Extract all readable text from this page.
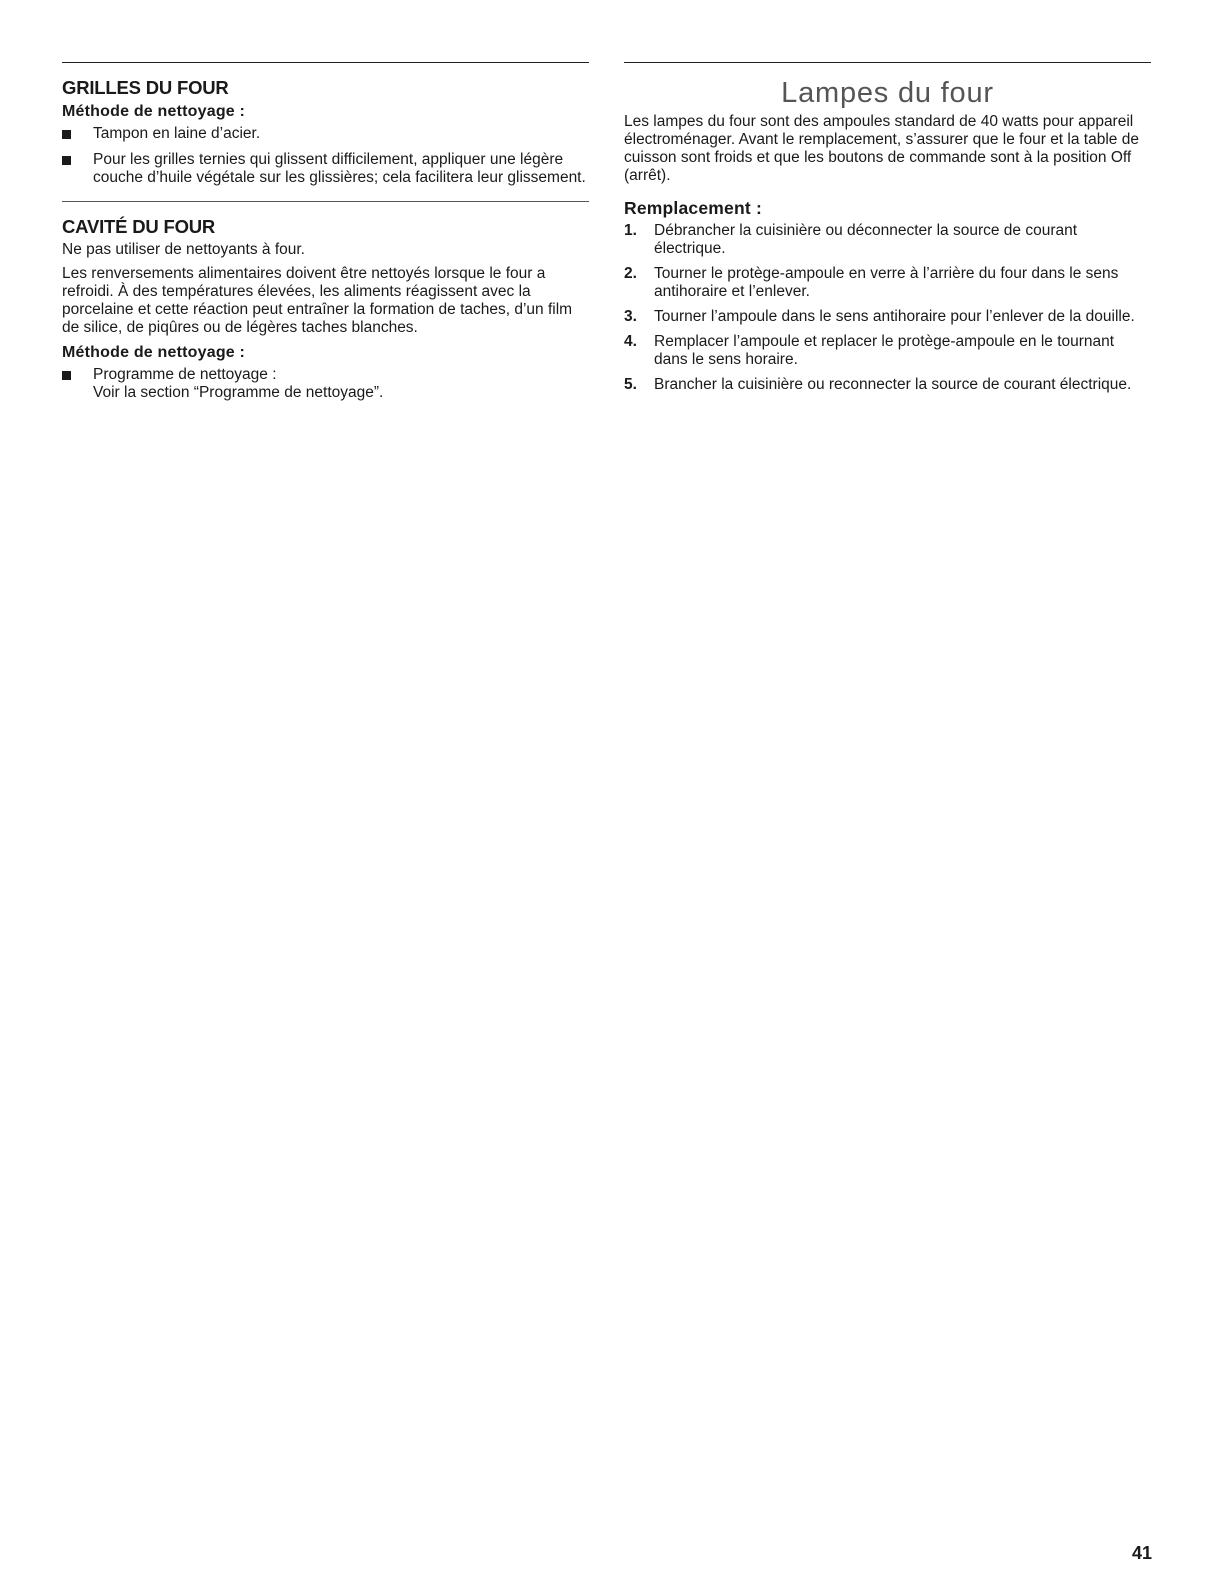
GRILLES DU FOUR
Méthode de nettoyage :
Tampon en laine d’acier.
Pour les grilles ternies qui glissent difficilement, appliquer une légère couche d’huile végétale sur les glissières; cela facilitera leur glissement.
CAVITÉ DU FOUR

Ne pas utiliser de nettoyants à four.

Les renversements alimentaires doivent être nettoyés lorsque le four a refroidi. À des températures élevées, les aliments réagissent avec la porcelaine et cette réaction peut entraîner la formation de taches, d’un film de silice, de piqûres ou de légères taches blanches.

Méthode de nettoyage :
Programme de nettoyage :
Voir la section “Programme de nettoyage”.
Lampes du four

Les lampes du four sont des ampoules standard de 40 watts pour appareil électroménager. Avant le remplacement, s’assurer que le four et la table de cuisson sont froids et que les boutons de commande sont à la position Off (arrêt).

Remplacement :
1. Débrancher la cuisinière ou déconnecter la source de courant électrique.
2. Tourner le protège-ampoule en verre à l’arrière du four dans le sens antihoraire et l’enlever.
3. Tourner l’ampoule dans le sens antihoraire pour l’enlever de la douille.
4. Remplacer l’ampoule et replacer le protège-ampoule en le tournant dans le sens horaire.
5. Brancher la cuisinière ou reconnecter la source de courant électrique.
41
